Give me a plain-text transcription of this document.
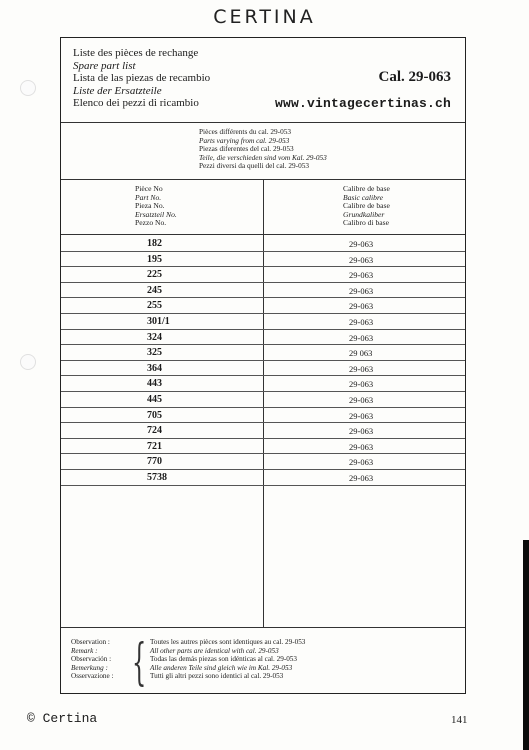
CERTINA
Liste des pièces de rechange
Spare part list
Lista de las piezas de recambio
Liste der Ersatzteile
Elenco dei pezzi di ricambio
Cal. 29-063
www.vintagecertinas.ch
Pièces différents du cal. 29-053
Parts varying from cal. 29-053
Piezas diferentes del cal. 29-053
Teile, die verschieden sind vom Kal. 29-053
Pezzi diversi da quelli del cal. 29-053
Pièce No
Part No.
Pieza No.
Ersatzteil No.
Pezzo No.
Calibre de base
Basic calibre
Calibre de base
Grundkaliber
Calibro di base
182	29-063
195	29-063
225	29-063
245	29-063
255	29-063
301/1	29-063
324	29-063
325	29 063
364	29-063
443	29-063
445	29-063
705	29-063
724	29-063
721	29-063
770	29-063
5738	29-063
Observation :
Remark :
Observación :
Bemerkung :
Osservazione : { Toutes les autres pièces sont identiques au cal. 29-053
All other parts are identical with cal. 29-053
Todas las demás piezas son idénticas al cal. 29-053
Alle anderen Teile sind gleich wie im Kal. 29-053
Tutti gli altri pezzi sono identici al cal. 29-053
© Certina	141
